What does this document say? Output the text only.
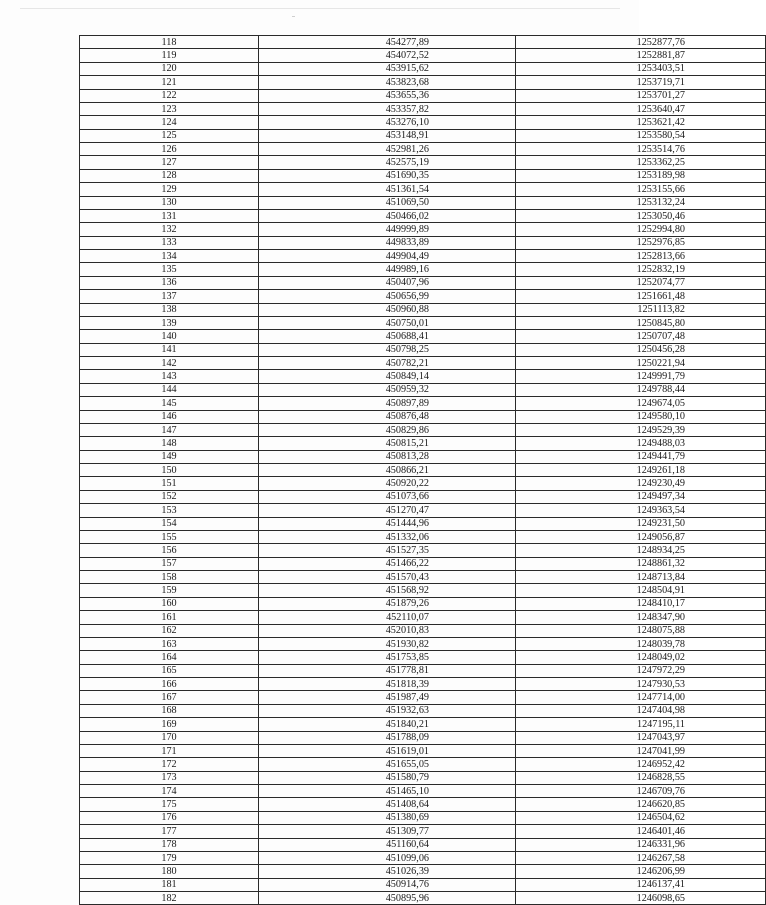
118	454277,89	1252877,76
119	454072,52	1252881,87
120	453915,62	1253403,51
121	453823,68	1253719,71
122	453655,36	1253701,27
123	453357,82	1253640,47
124	453276,10	1253621,42
125	453148,91	1253580,54
126	452981,26	1253514,76
127	452575,19	1253362,25
128	451690,35	1253189,98
129	451361,54	1253155,66
130	451069,50	1253132,24
131	450466,02	1253050,46
132	449999,89	1252994,80
133	449833,89	1252976,85
134	449904,49	1252813,66
135	449989,16	1252832,19
136	450407,96	1252074,77
137	450656,99	1251661,48
138	450960,88	1251113,82
139	450750,01	1250845,80
140	450688,41	1250707,48
141	450798,25	1250456,28
142	450782,21	1250221,94
143	450849,14	1249991,79
144	450959,32	1249788,44
145	450897,89	1249674,05
146	450876,48	1249580,10
147	450829,86	1249529,39
148	450815,21	1249488,03
149	450813,28	1249441,79
150	450866,21	1249261,18
151	450920,22	1249230,49
152	451073,66	1249497,34
153	451270,47	1249363,54
154	451444,96	1249231,50
155	451332,06	1249056,87
156	451527,35	1248934,25
157	451466,22	1248861,32
158	451570,43	1248713,84
159	451568,92	1248504,91
160	451879,26	1248410,17
161	452110,07	1248347,90
162	452010,83	1248075,88
163	451930,82	1248039,78
164	451753,85	1248049,02
165	451778,81	1247972,29
166	451818,39	1247930,53
167	451987,49	1247714,00
168	451932,63	1247404,98
169	451840,21	1247195,11
170	451788,09	1247043,97
171	451619,01	1247041,99
172	451655,05	1246952,42
173	451580,79	1246828,55
174	451465,10	1246709,76
175	451408,64	1246620,85
176	451380,69	1246504,62
177	451309,77	1246401,46
178	451160,64	1246331,96
179	451099,06	1246267,58
180	451026,39	1246206,99
181	450914,76	1246137,41
182	450895,96	1246098,65
